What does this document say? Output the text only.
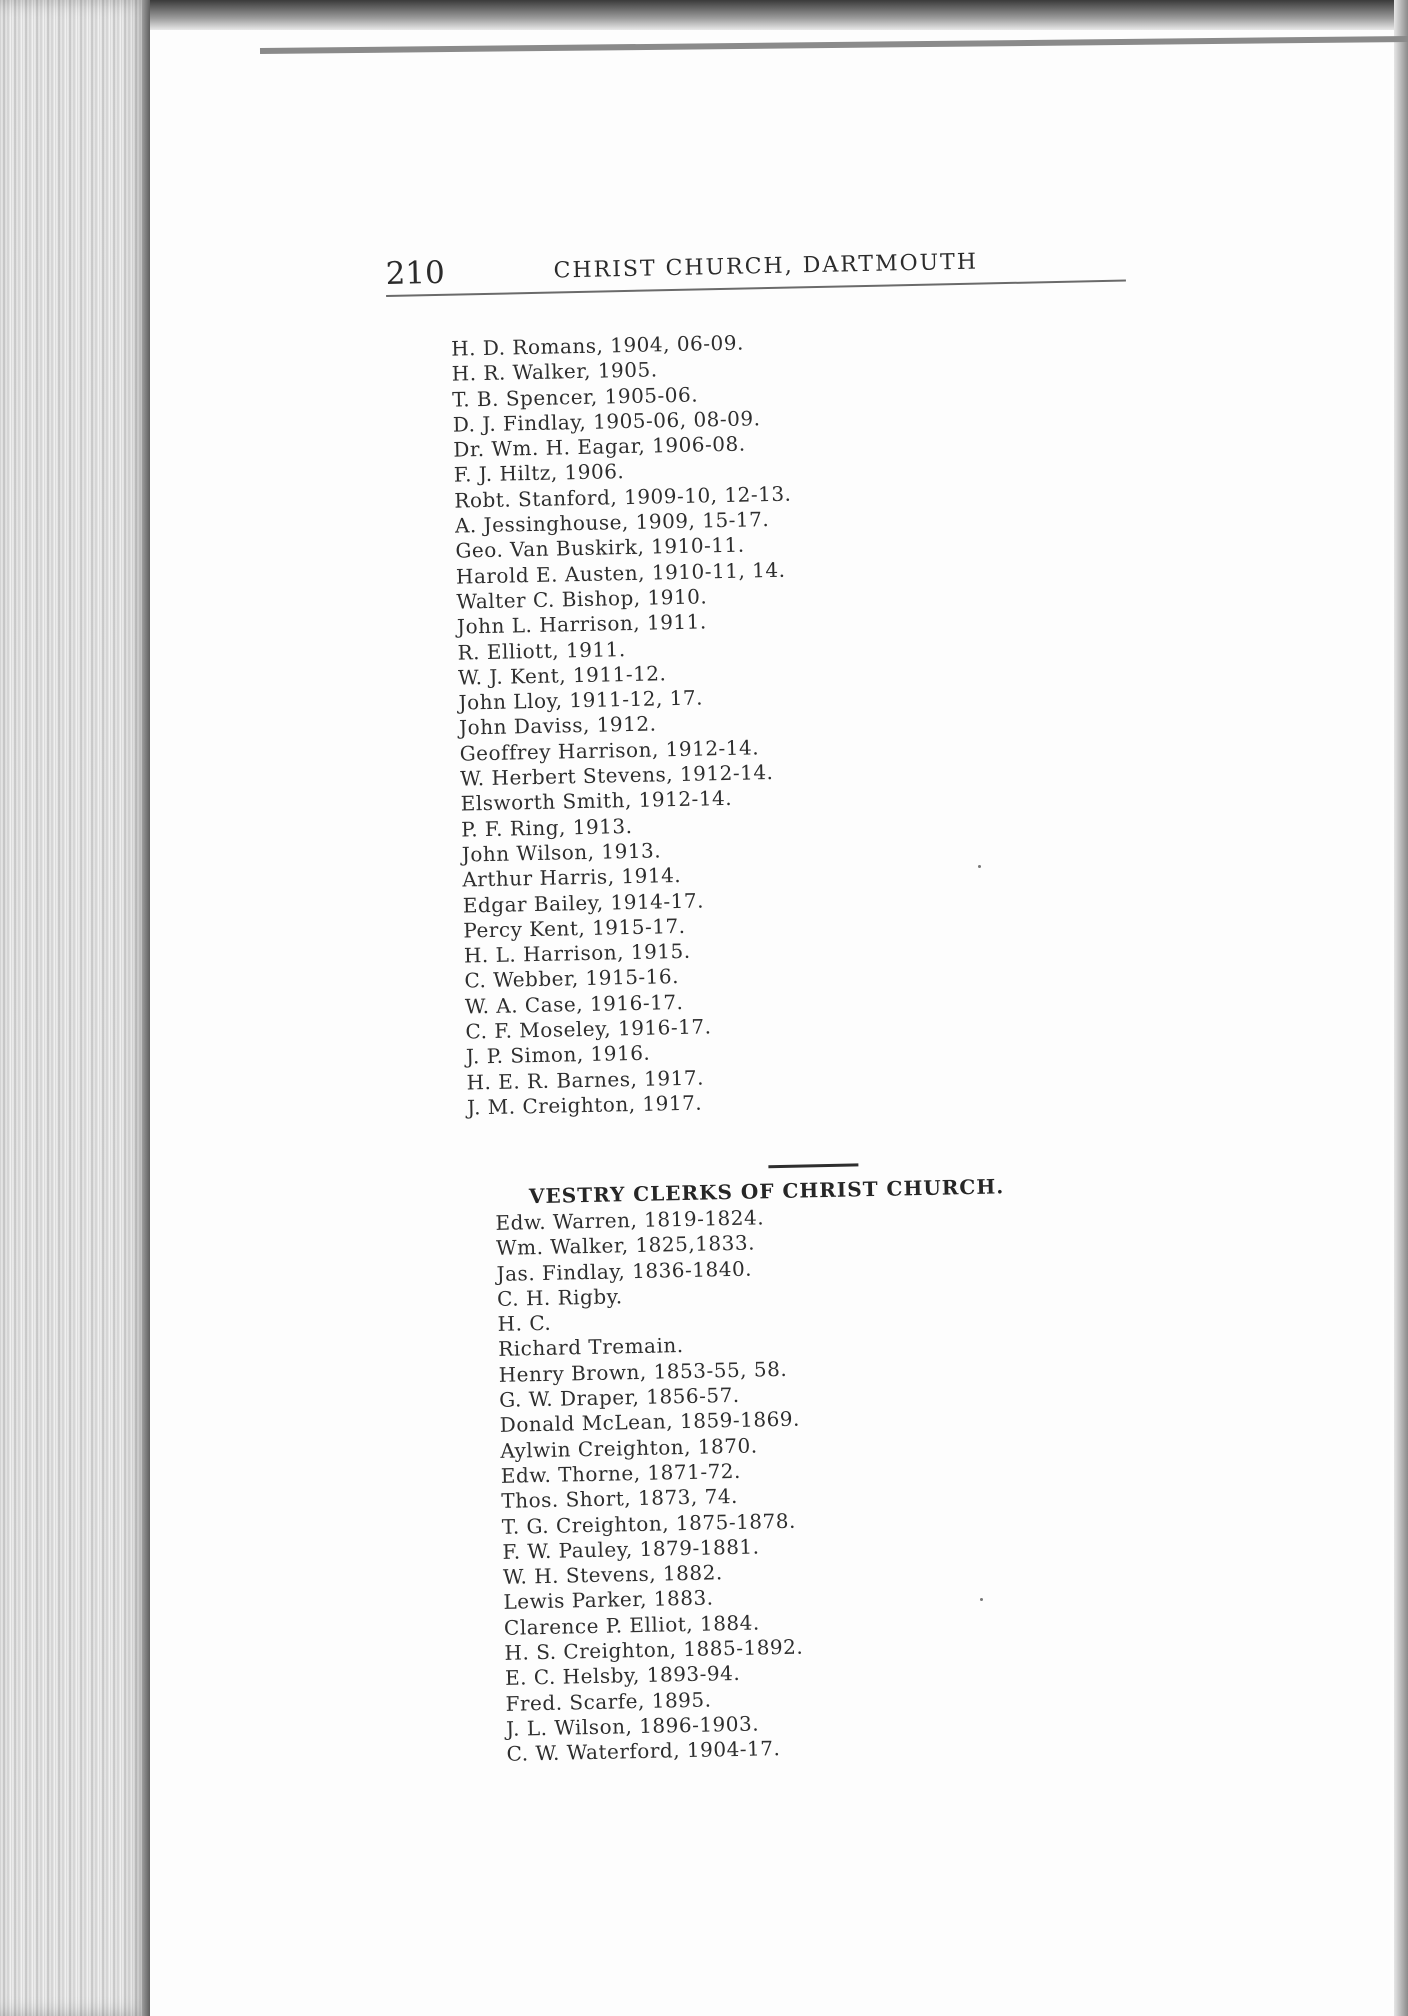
210	CHRIST CHURCH, DARTMOUTH
H. D. Romans, 1904, 06-09.
H. R. Walker, 1905.
T. B. Spencer, 1905-06.
D. J. Findlay, 1905-06, 08-09.
Dr. Wm. H. Eagar, 1906-08.
F. J. Hiltz, 1906.
Robt. Stanford, 1909-10, 12-13.
A. Jessinghouse, 1909, 15-17.
Geo. Van Buskirk, 1910-11.
Harold E. Austen, 1910-11, 14.
Walter C. Bishop, 1910.
John L. Harrison, 1911.
R. Elliott, 1911.
W. J. Kent, 1911-12.
John Lloy, 1911-12, 17.
John Daviss, 1912.
Geoffrey Harrison, 1912-14.
W. Herbert Stevens, 1912-14.
Elsworth Smith, 1912-14.
P. F. Ring, 1913.
John Wilson, 1913.
Arthur Harris, 1914.
Edgar Bailey, 1914-17.
Percy Kent, 1915-17.
H. L. Harrison, 1915.
C. Webber, 1915-16.
W. A. Case, 1916-17.
C. F. Moseley, 1916-17.
J. P. Simon, 1916.
H. E. R. Barnes, 1917.
J. M. Creighton, 1917.
VESTRY CLERKS OF CHRIST CHURCH.
Edw. Warren, 1819-1824.
Wm. Walker, 1825,1833.
Jas. Findlay, 1836-1840.
C. H. Rigby.
H. C.
Richard Tremain.
Henry Brown, 1853-55, 58.
G. W. Draper, 1856-57.
Donald McLean, 1859-1869.
Aylwin Creighton, 1870.
Edw. Thorne, 1871-72.
Thos. Short, 1873, 74.
T. G. Creighton, 1875-1878.
F. W. Pauley, 1879-1881.
W. H. Stevens, 1882.
Lewis Parker, 1883.
Clarence P. Elliot, 1884.
H. S. Creighton, 1885-1892.
E. C. Helsby, 1893-94.
Fred. Scarfe, 1895.
J. L. Wilson, 1896-1903.
C. W. Waterford, 1904-17.
